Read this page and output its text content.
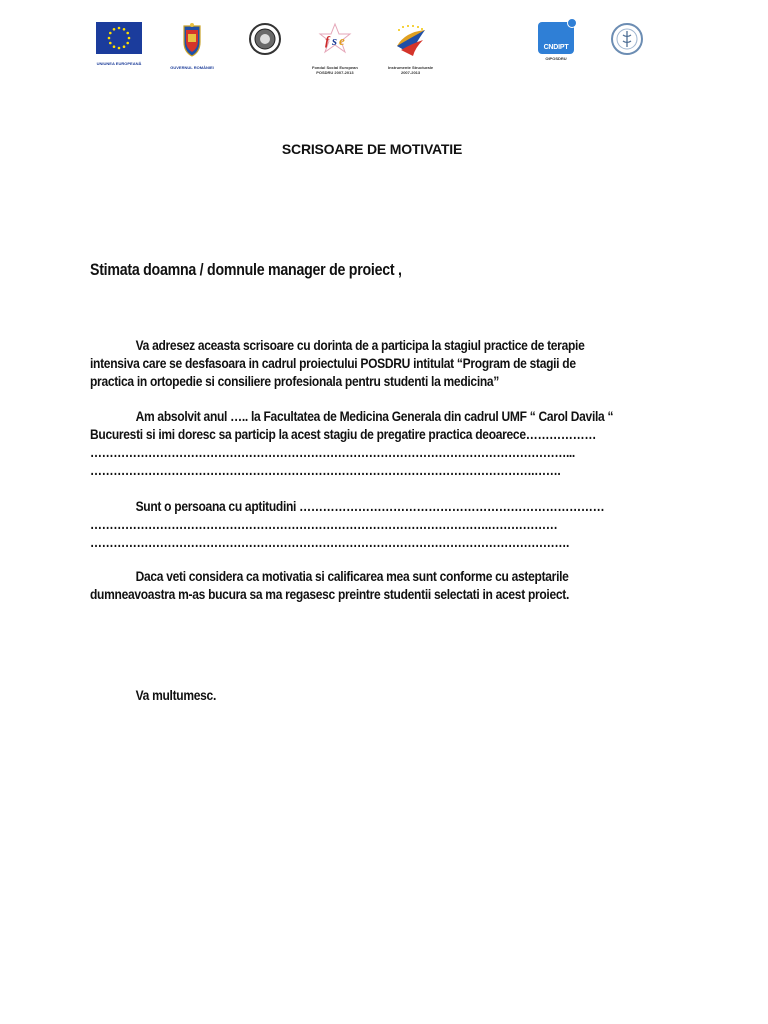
UNIUNEA EUROPEANĂ
GUVERNUL ROMÂNIEI
f s e
Fondul Social European
POSDRU 2007-2013
Instrumente Structurale
2007-2013
CNDIPT
OIPOSDRU
SCRISOARE DE MOTIVATIE
Stimata doamna / domnule manager de proiect ,
Va adresez aceasta scrisoare cu dorinta de a participa la stagiul practice de terapie
intensiva care se desfasoara in cadrul proiectului POSDRU intitulat “Program de stagii de
practica in ortopedie si consiliere profesionala pentru studenti la medicina”
Am absolvit anul ….. la Facultatea de Medicina Generala din cadrul UMF “ Carol Davila “
Bucuresti si imi doresc sa particip la acest stagiu de pregatire practica deoarece………………
……………………………………………………………………………………………………………...
…………………………………………………………………………………………………….…….
Sunt o persoana cu aptitudini ……………………………………………………………………
………………………………………………………………………………………….………………
…………………………………………………………………………………………………………….
Daca veti considera ca motivatia si calificarea mea sunt conforme cu asteptarile
dumneavoastra m-as bucura sa ma regasesc preintre studentii selectati in acest proiect.
Va multumesc.
